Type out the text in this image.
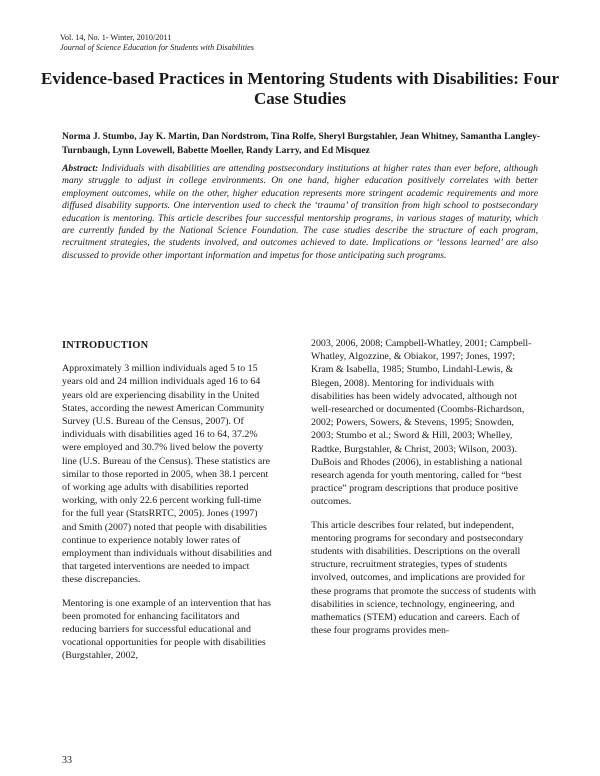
Vol. 14, No. 1- Winter, 2010/2011
Journal of Science Education for Students with Disabilities
Evidence-based Practices in Mentoring Students with Disabilities: Four Case Studies

Norma J. Stumbo, Jay K. Martin, Dan Nordstrom, Tina Rolfe, Sheryl Burgstahler, Jean Whitney, Samantha Langley-Turnbaugh, Lynn Lovewell, Babette Moeller, Randy Larry, and Ed Misquez

Abstract: Individuals with disabilities are attending postsecondary institutions at higher rates than ever before, although many struggle to adjust in college environments. On one hand, higher education positively correlates with better employment outcomes, while on the other, higher education represents more stringent academic requirements and more diffused disability supports. One intervention used to check the ‘trauma’ of transition from high school to postsecondary education is mentoring. This article describes four successful mentorship programs, in various stages of maturity, which are currently funded by the National Science Foundation. The case studies describe the structure of each program, recruitment strategies, the students involved, and outcomes achieved to date. Implications or ‘lessons learned’ are also discussed to provide other important information and impetus for those anticipating such programs.

INTRODUCTION

Approximately 3 million individuals aged 5 to 15 years old and 24 million individuals aged 16 to 64 years old are experiencing disability in the United States, according the newest American Community Survey (U.S. Bureau of the Census, 2007). Of individuals with disabilities aged 16 to 64, 37.2% were employed and 30.7% lived below the poverty line (U.S. Bureau of the Census). These statistics are similar to those reported in 2005, when 38.1 percent of working age adults with disabilities reported working, with only 22.6 percent working full-time for the full year (StatsRRTC, 2005). Jones (1997) and Smith (2007) noted that people with disabilities continue to experience notably lower rates of employment than individuals without disabilities and that targeted interventions are needed to impact these discrepancies.

Mentoring is one example of an intervention that has been promoted for enhancing facilitators and reducing barriers for successful educational and vocational opportunities for people with disabilities (Burgstahler, 2002,

2003, 2006, 2008; Campbell-Whatley, 2001; Campbell-Whatley, Algozzine, & Obiakor, 1997; Jones, 1997; Kram & Isabella, 1985; Stumbo, Lindahl-Lewis, & Blegen, 2008). Mentoring for individuals with disabilities has been widely advocated, although not well-researched or documented (Coombs-Richardson, 2002; Powers, Sowers, & Stevens, 1995; Snowden, 2003; Stumbo et al.; Sword & Hill, 2003; Whelley, Radtke, Burgstahler, & Christ, 2003; Wilson, 2003). DuBois and Rhodes (2006), in establishing a national research agenda for youth mentoring, called for “best practice” program descriptions that produce positive outcomes.

This article describes four related, but independent, mentoring programs for secondary and postsecondary students with disabilities. Descriptions on the overall structure, recruitment strategies, types of students involved, outcomes, and implications are provided for these programs that promote the success of students with disabilities in science, technology, engineering, and mathematics (STEM) education and careers. Each of these four programs provides men-

33
